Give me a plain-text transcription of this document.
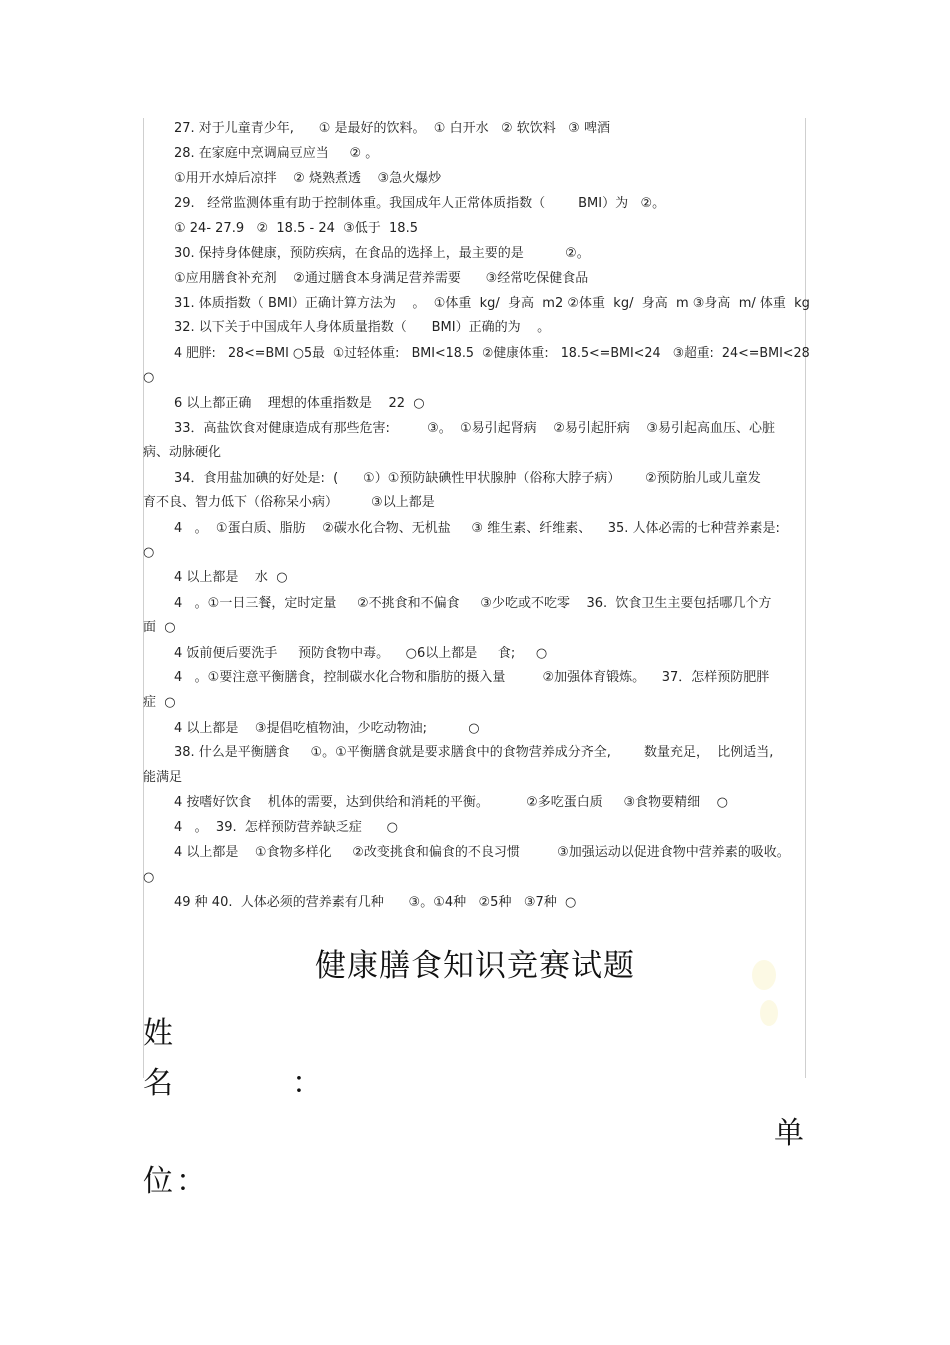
27. 对于儿童青少年,      ① 是最好的饮料。  ① 白开水   ② 软饮料   ③ 啤酒
28. 在家庭中烹调扁豆应当     ② 。
①用开水焯后凉拌    ② 烧熟煮透    ③急火爆炒
29.   经常监测体重有助于控制体重。我国成年人正常体质指数（        BMI）为   ②。
① 24- 27.9   ②  18.5 - 24  ③低于  18.5
30. 保持身体健康，预防疾病，在食品的选择上，最主要的是          ②。
①应用膳食补充剂    ②通过膳食本身满足营养需要      ③经常吃保健食品
31. 体质指数（ BMI）正确计算方法为    。  ①体重  kg/  身高  m2 ②体重  kg/  身高  m ③身高  m/ 体重  kg
32. 以下关于中国成年人身体质量指数（      BMI）正确的为    。
4 肥胖:   28<=BMI ○5最  ①过轻体重:   BMI<18.5  ②健康体重:   18.5<=BMI<24   ③超重:  24<=BMI<28
○
6 以上都正确    理想的体重指数是    22  ○
33．高盐饮食对健康造成有那些危害:         ③。  ①易引起肾病    ②易引起肝病    ③易引起高血压、心脏
病、动脉硬化
34．食用盐加碘的好处是:  (      ①）①预防缺碘性甲状腺肿（俗称大脖子病）      ②预防胎儿或儿童发
育不良、智力低下（俗称呆小病）        ③以上都是
4   。  ①蛋白质、脂肪    ②碳水化合物、无机盐     ③ 维生素、纤维素、    35. 人体必需的七种营养素是:
○
4 以上都是    水  ○
4   。①一日三餐，定时定量     ②不挑食和不偏食     ③少吃或不吃零    36.  饮食卫生主要包括哪几个方
面  ○
4 饭前便后要洗手     预防食物中毒。    ○6以上都是     食;     ○
4   。①要注意平衡膳食，控制碳水化合物和脂肪的摄入量         ②加强体育锻炼。    37．怎样预防肥胖
症  ○
4 以上都是    ③提倡吃植物油，少吃动物油;          ○
38. 什么是平衡膳食     ①。①平衡膳食就是要求膳食中的食物营养成分齐全,        数量充足，  比例适当,
能满足
4 按嗜好饮食    机体的需要，达到供给和消耗的平衡。         ②多吃蛋白质     ③食物要精细    ○
4   。  39.  怎样预防营养缺乏症      ○
4 以上都是    ①食物多样化     ②改变挑食和偏食的不良习惯         ③加强运动以促进食物中营养素的吸收。
○
49 种 40.  人体必须的营养素有几种      ③。①4种   ②5种   ③7种  ○
健康膳食知识竞赛试题
姓
名	：
单
位 ：
